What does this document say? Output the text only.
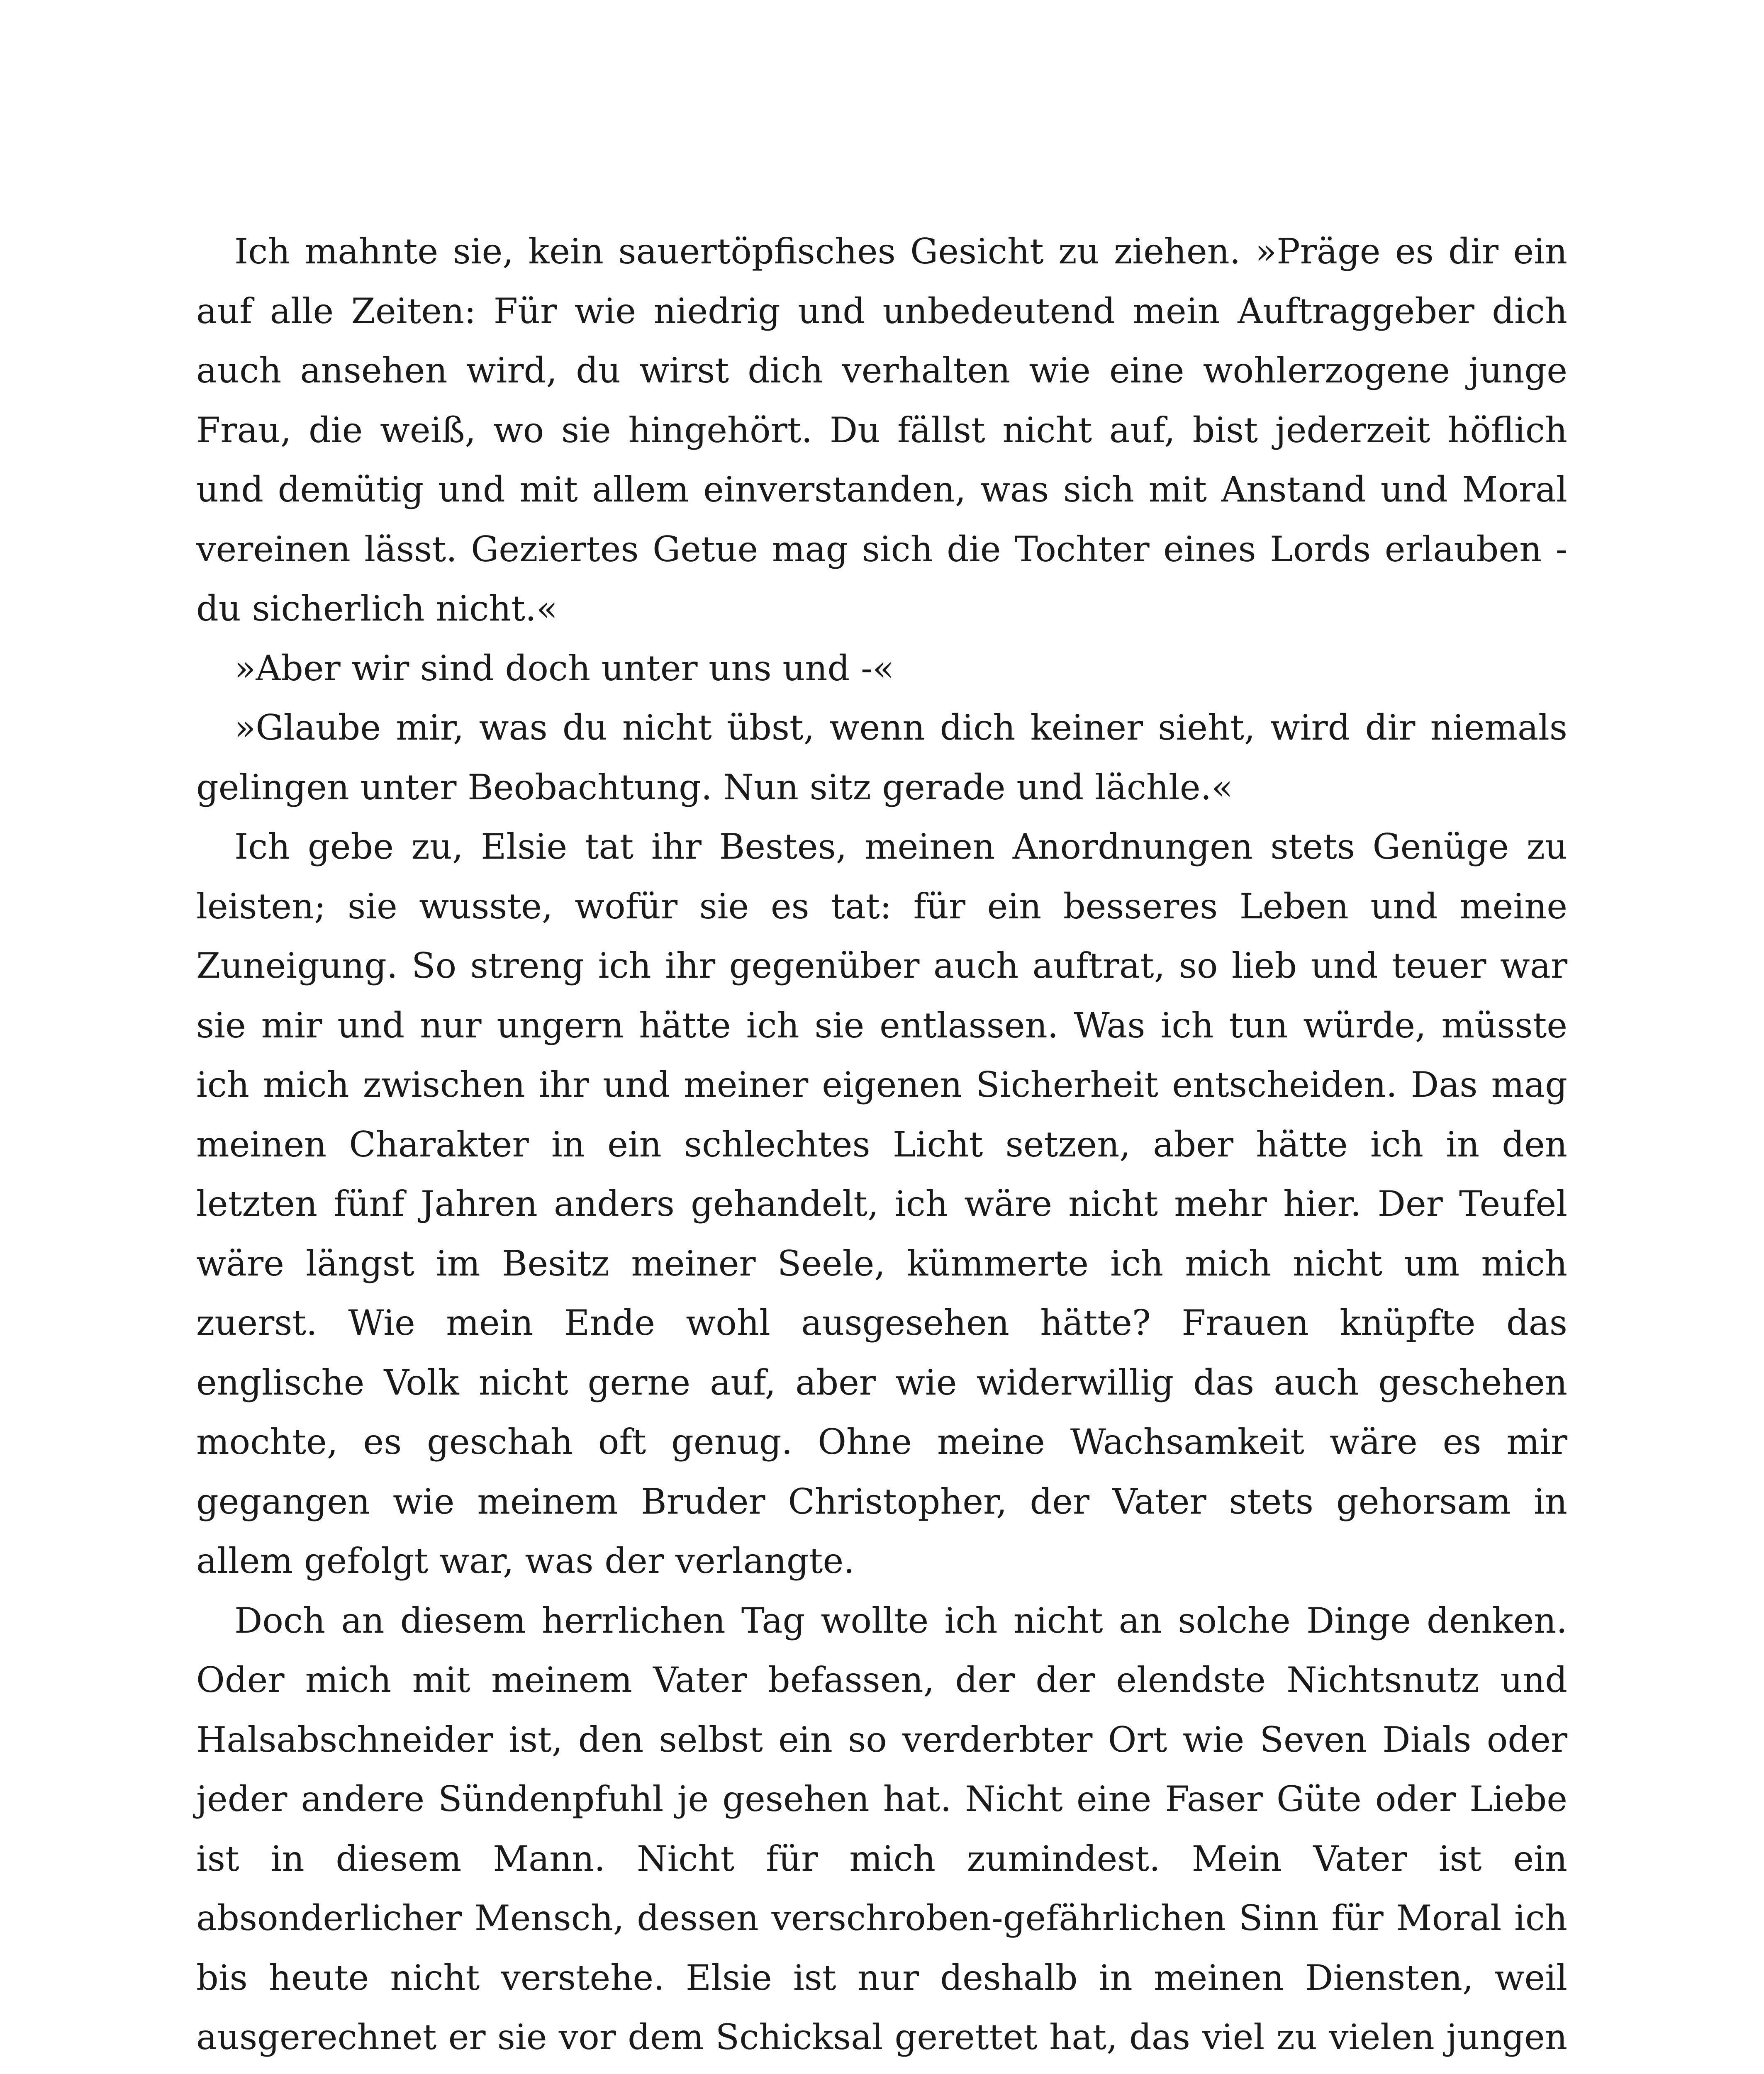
Ich mahnte sie, kein sauertöpfisches Gesicht zu ziehen. »Präge es dir ein auf alle Zeiten: Für wie niedrig und unbedeutend mein Auftraggeber dich auch ansehen wird, du wirst dich verhalten wie eine wohlerzogene junge Frau, die weiß, wo sie hingehört. Du fällst nicht auf, bist jederzeit höflich und demütig und mit allem einverstanden, was sich mit Anstand und Moral vereinen lässt. Geziertes Getue mag sich die Tochter eines Lords erlauben - du sicherlich nicht.«

»Aber wir sind doch unter uns und -«

»Glaube mir, was du nicht übst, wenn dich keiner sieht, wird dir niemals gelingen unter Beobachtung. Nun sitz gerade und lächle.«

Ich gebe zu, Elsie tat ihr Bestes, meinen Anordnungen stets Genüge zu leisten; sie wusste, wofür sie es tat: für ein besseres Leben und meine Zuneigung. So streng ich ihr gegenüber auch auftrat, so lieb und teuer war sie mir und nur ungern hätte ich sie entlassen. Was ich tun würde, müsste ich mich zwischen ihr und meiner eigenen Sicherheit entscheiden. Das mag meinen Charakter in ein schlechtes Licht setzen, aber hätte ich in den letzten fünf Jahren anders gehandelt, ich wäre nicht mehr hier. Der Teufel wäre längst im Besitz meiner Seele, kümmerte ich mich nicht um mich zuerst. Wie mein Ende wohl ausgesehen hätte? Frauen knüpfte das englische Volk nicht gerne auf, aber wie widerwillig das auch geschehen mochte, es geschah oft genug. Ohne meine Wachsamkeit wäre es mir gegangen wie meinem Bruder Christopher, der Vater stets gehorsam in allem gefolgt war, was der verlangte.

Doch an diesem herrlichen Tag wollte ich nicht an solche Dinge denken. Oder mich mit meinem Vater befassen, der der elendste Nichtsnutz und Halsabschneider ist, den selbst ein so verderbter Ort wie Seven Dials oder jeder andere Sündenpfuhl je gesehen hat. Nicht eine Faser Güte oder Liebe ist in diesem Mann. Nicht für mich zumindest. Mein Vater ist ein absonderlicher Mensch, dessen verschroben-gefährlichen Sinn für Moral ich bis heute nicht verstehe. Elsie ist nur deshalb in meinen Diensten, weil ausgerechnet er sie vor dem Schicksal gerettet hat, das viel zu vielen jungen
